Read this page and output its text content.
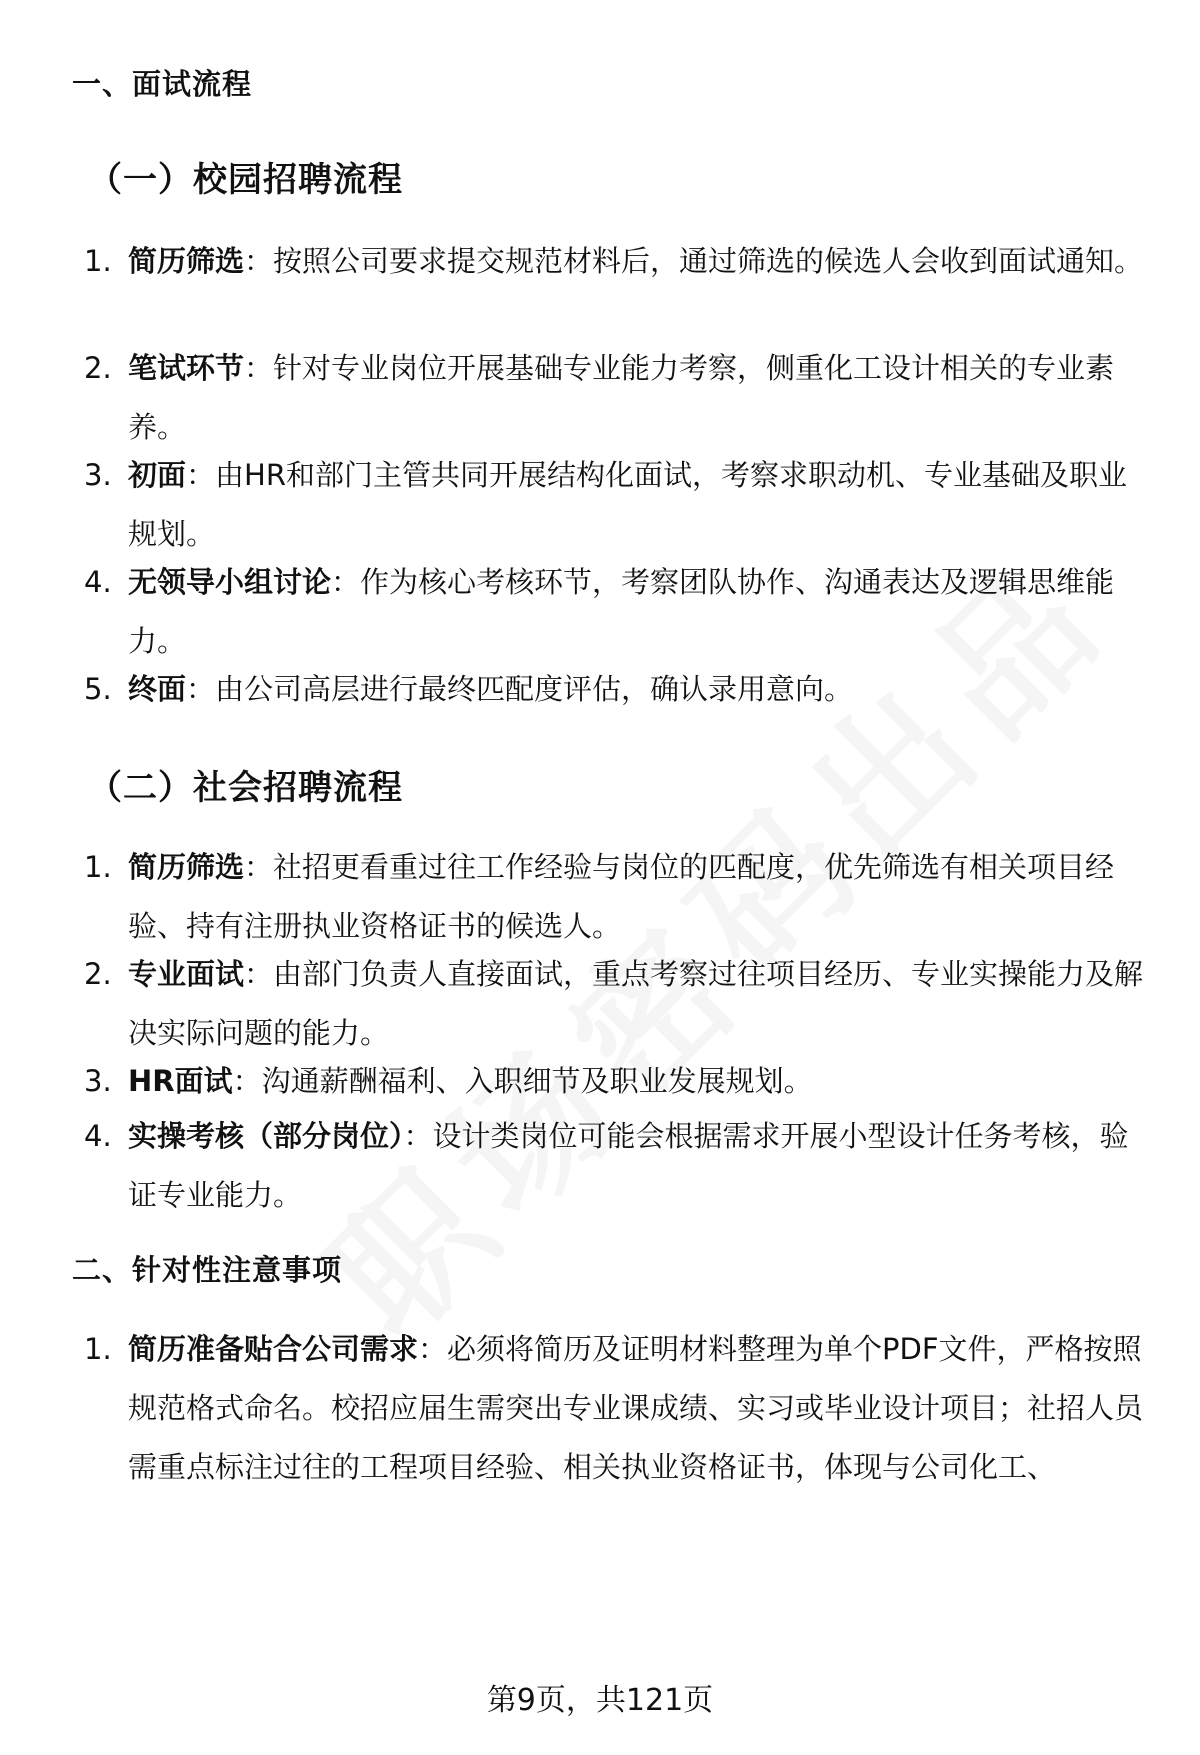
一、面试流程
（一）校园招聘流程
1. 简历筛选：按照公司要求提交规范材料后，通过筛选的候选人会收到面试通知。
2. 笔试环节：针对专业岗位开展基础专业能力考察，侧重化工设计相关的专业素养。
3. 初面：由HR和部门主管共同开展结构化面试，考察求职动机、专业基础及职业规划。
4. 无领导小组讨论：作为核心考核环节，考察团队协作、沟通表达及逻辑思维能力。
5. 终面：由公司高层进行最终匹配度评估，确认录用意向。
（二）社会招聘流程
1. 简历筛选：社招更看重过往工作经验与岗位的匹配度，优先筛选有相关项目经验、持有注册执业资格证书的候选人。
2. 专业面试：由部门负责人直接面试，重点考察过往项目经历、专业实操能力及解决实际问题的能力。
3. HR面试：沟通薪酬福利、入职细节及职业发展规划。
4. 实操考核（部分岗位）：设计类岗位可能会根据需求开展小型设计任务考核，验证专业能力。
二、针对性注意事项
1. 简历准备贴合公司需求：必须将简历及证明材料整理为单个PDF文件，严格按照规范格式命名。校招应届生需突出专业课成绩、实习或毕业设计项目；社招人员需重点标注过往的工程项目经验、相关执业资格证书，体现与公司化工、
第9页，共121页
